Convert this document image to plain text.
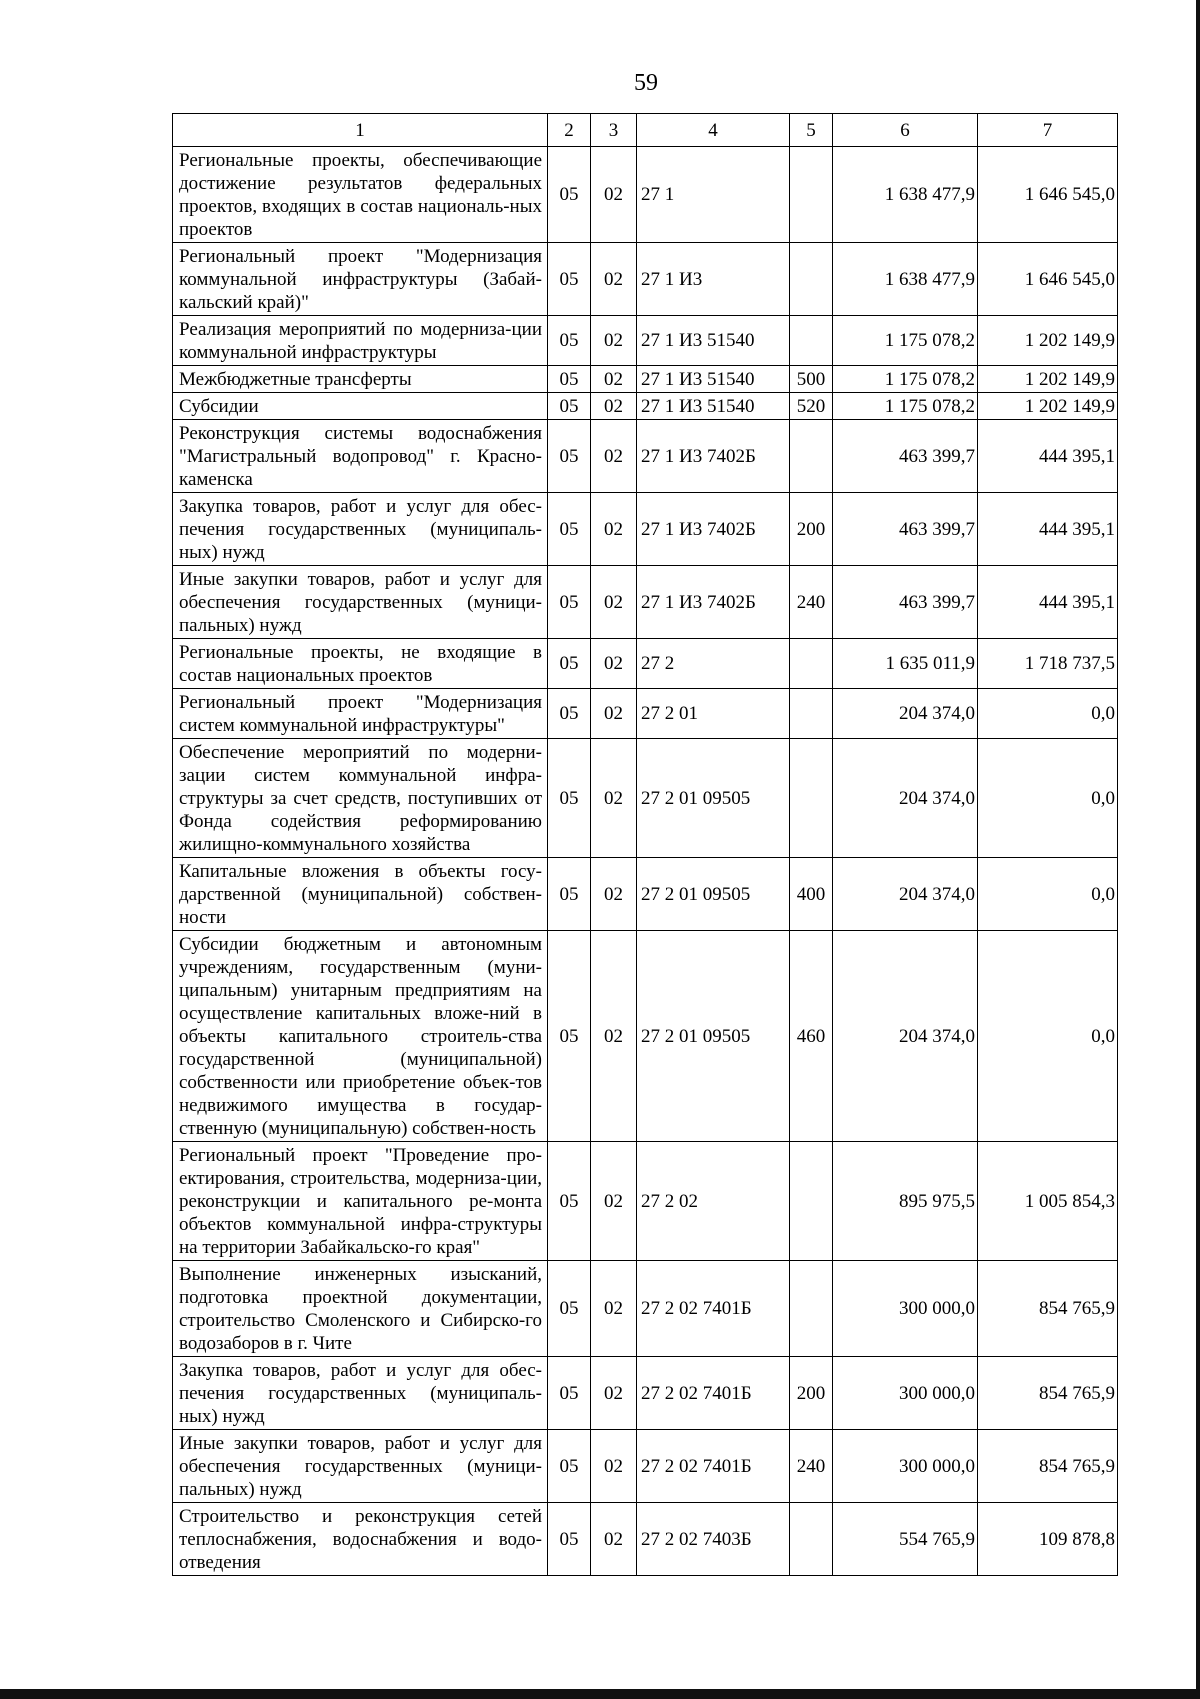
59
1	2	3	4	5	6	7
Региональные проекты, обеспечивающие достижение результатов федеральных проектов, входящих в состав националь-ных проектов	05	02	27 1		1 638 477,9	1 646 545,0
Региональный проект "Модернизация коммунальной инфраструктуры (Забай-кальский край)"	05	02	27 1 И3		1 638 477,9	1 646 545,0
Реализация мероприятий по модерниза-ции коммунальной инфраструктуры	05	02	27 1 И3 51540		1 175 078,2	1 202 149,9
Межбюджетные трансферты	05	02	27 1 И3 51540	500	1 175 078,2	1 202 149,9
Субсидии	05	02	27 1 И3 51540	520	1 175 078,2	1 202 149,9
Реконструкция системы водоснабжения "Магистральный водопровод" г. Красно-каменска	05	02	27 1 И3 7402Б		463 399,7	444 395,1
Закупка товаров, работ и услуг для обес-печения государственных (муниципаль-ных) нужд	05	02	27 1 И3 7402Б	200	463 399,7	444 395,1
Иные закупки товаров, работ и услуг для обеспечения государственных (муници-пальных) нужд	05	02	27 1 И3 7402Б	240	463 399,7	444 395,1
Региональные проекты, не входящие в состав национальных проектов	05	02	27 2		1 635 011,9	1 718 737,5
Региональный проект "Модернизация систем коммунальной инфраструктуры"	05	02	27 2 01		204 374,0	0,0
Обеспечение мероприятий по модерни-зации систем коммунальной инфра-структуры за счет средств, поступивших от Фонда содействия реформированию жилищно-коммунального хозяйства	05	02	27 2 01 09505		204 374,0	0,0
Капитальные вложения в объекты госу-дарственной (муниципальной) собствен-ности	05	02	27 2 01 09505	400	204 374,0	0,0
Субсидии бюджетным и автономным учреждениям, государственным (муни-ципальным) унитарным предприятиям на осуществление капитальных вложе-ний в объекты капитального строитель-ства государственной (муниципальной) собственности или приобретение объек-тов недвижимого имущества в государ-ственную (муниципальную) собствен-ность	05	02	27 2 01 09505	460	204 374,0	0,0
Региональный проект "Проведение про-ектирования, строительства, модерниза-ции, реконструкции и капитального ре-монта объектов коммунальной инфра-структуры на территории Забайкальско-го края"	05	02	27 2 02		895 975,5	1 005 854,3
Выполнение инженерных изысканий, подготовка проектной документации, строительство Смоленского и Сибирско-го водозаборов в г. Чите	05	02	27 2 02 7401Б		300 000,0	854 765,9
Закупка товаров, работ и услуг для обес-печения государственных (муниципаль-ных) нужд	05	02	27 2 02 7401Б	200	300 000,0	854 765,9
Иные закупки товаров, работ и услуг для обеспечения государственных (муници-пальных) нужд	05	02	27 2 02 7401Б	240	300 000,0	854 765,9
Строительство и реконструкция сетей теплоснабжения, водоснабжения и водо-отведения	05	02	27 2 02 7403Б		554 765,9	109 878,8
